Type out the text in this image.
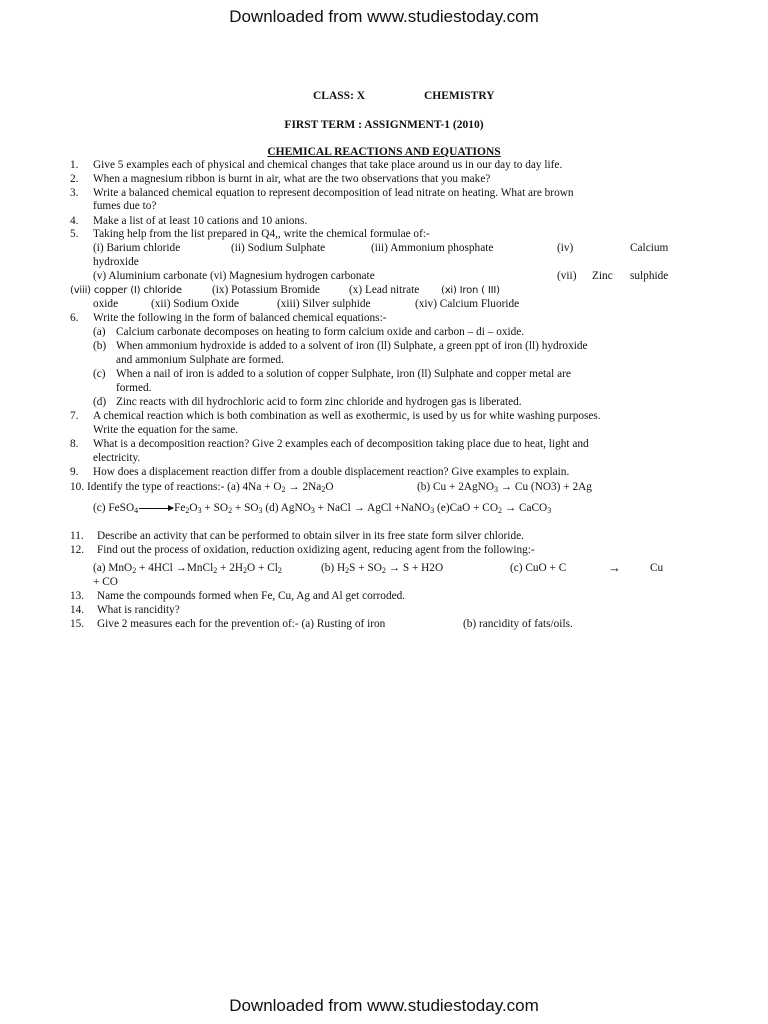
Downloaded from www.studiestoday.com
CLASS: X	CHEMISTRY
FIRST TERM : ASSIGNMENT-1 (2010)
CHEMICAL REACTIONS AND EQUATIONS
1. Give 5 examples each of physical and chemical changes that take place around us in our day to day life.
2. When a magnesium ribbon is burnt in air, what are the two observations that you make?
3. Write a balanced chemical equation to represent decomposition of lead nitrate on heating. What are brown
fumes due to?
4. Make a list of at least 10 cations and 10 anions.
5. Taking help from the list prepared in Q4,, write the chemical formulae of:-
(i) Barium chloride	(ii) Sodium Sulphate	(iii) Ammonium phosphate	(iv)	Calcium
hydroxide
(v) Aluminium carbonate (vi) Magnesium hydrogen carbonate	(vii) Zinc sulphide
(viii) copper (I) chloride	(ix) Potassium Bromide	(x) Lead nitrate (xi) Iron ( III)
oxide	(xii) Sodium Oxide	(xiii) Silver sulphide	(xiv) Calcium Fluoride
6. Write the following in the form of balanced chemical equations:-
(a) Calcium carbonate decomposes on heating to form calcium oxide and carbon – di – oxide.
(b) When ammonium hydroxide is added to a solvent of iron (ll) Sulphate, a green ppt of iron (ll) hydroxide
and ammonium Sulphate are formed.
(c) When a nail of iron is added to a solution of copper Sulphate, iron (ll) Sulphate and copper metal are
formed.
(d) Zinc reacts with dil hydrochloric acid to form zinc chloride and hydrogen gas is liberated.
7. A chemical reaction which is both combination as well as exothermic, is used by us for white washing purposes.
Write the equation for the same.
8. What is a decomposition reaction? Give 2 examples each of decomposition taking place due to heat, light and
electricity.
9. How does a displacement reaction differ from a double displacement reaction? Give examples to explain.
10. Identify the type of reactions:- (a) $4Na + O_2 \to 2Na_2O$	(b) Cu + 2AgNO$_3$ → Cu (NO3) + 2Ag
(c) FeSO$_4$	$Fe_2O_3 + SO_2 + SO_3$ (d) AgNO$_3$ + NaCl → AgCl +NaNO$_3$ $(e)CaO + CO_2$ → CaCO$_3$
11. Describe an activity that can be performed to obtain silver in its free state form silver chloride.
12. Find out the process of oxidation, reduction oxidizing agent, reducing agent from the following:-
(a) MnO$_2$ + 4HCl →MnCl$_2$ + $2H_2O + Cl_2$	(b) $H_2S + SO_2 \to S + H2O$	(c) CuO + C	→	Cu
+ CO
13. Name the compounds formed when Fe, Cu, Ag and Al get corroded.
14. What is rancidity?
15. Give 2 measures each for the prevention of:- (a) Rusting of iron	(b) rancidity of fats/oils.
Downloaded from www.studiestoday.com
